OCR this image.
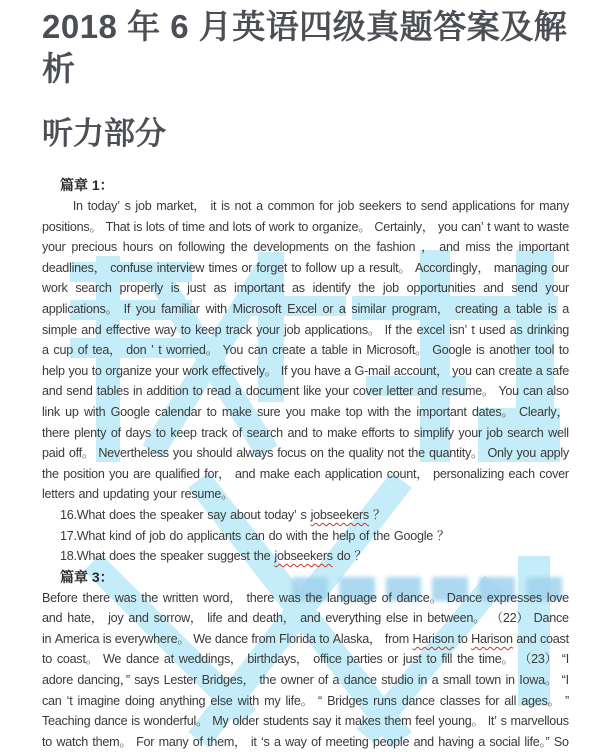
2018 年 6 月英语四级真题答案及解析
听力部分
篇章 1：
In today’ s job market， it is not a common for job seekers to send applications for many
positions。 That is lots of time and lots of work to organize。 Certainly， you can’ t want to waste
your precious hours on following the developments on the fashion ， and miss the important
deadlines， confuse interview times or forget to follow up a result。 Accordingly， managing our
work search properly is just as important as identify the job opportunities and send your
applications。 If you familiar with Microsoft Excel or a similar program， creating a table is a
simple and effective way to keep track your job applications。 If the excel isn’ t used as drinking
a cup of tea， don ’ t worried。 You can create a table in Microsoft。 Google is another tool to
help you to organize your work effectively。 If you have a G-mail account， you can create a safe
and send tables in addition to read a document like your cover letter and resume。 You can also
link up with Google calendar to make sure you make top with the important dates。 Clearly，
there plenty of days to keep track of search and to make efforts to simplify your job search well
paid off。 Nevertheless you should always focus on the quality not the quantity。 Only you apply
the position you are qualified for， and make each application count， personalizing each cover
letters and updating your resume。
16.What does the speaker say about today’ s jobseekers ？
17.What kind of job do applicants can do with the help of the Google ？
18.What does the speaker suggest the jobseekers do ？
篇章 3：
Before there was the written word， there was the language of dance。 Dance expresses love
and hate， joy and sorrow， life and death， and everything else in between。 （22） Dance
in America is everywhere。 We dance from Florida to Alaska， from Harison to Harison and coast
to coast。 We dance at weddings， birthdays， office parties or just to fill the time。 （23） “I
adore dancing，” says Lester Bridges， the owner of a dance studio in a small town in Iowa。 “I
can ‘t imagine doing anything else with my life。 “ Bridges runs dance classes for all ages。 ”
Teaching dance is wonderful。 My older students say it makes them feel young。 It’ s marvellous
to watch them。 For many of them， it ‘s a way of meeting people and having a social life。” So
